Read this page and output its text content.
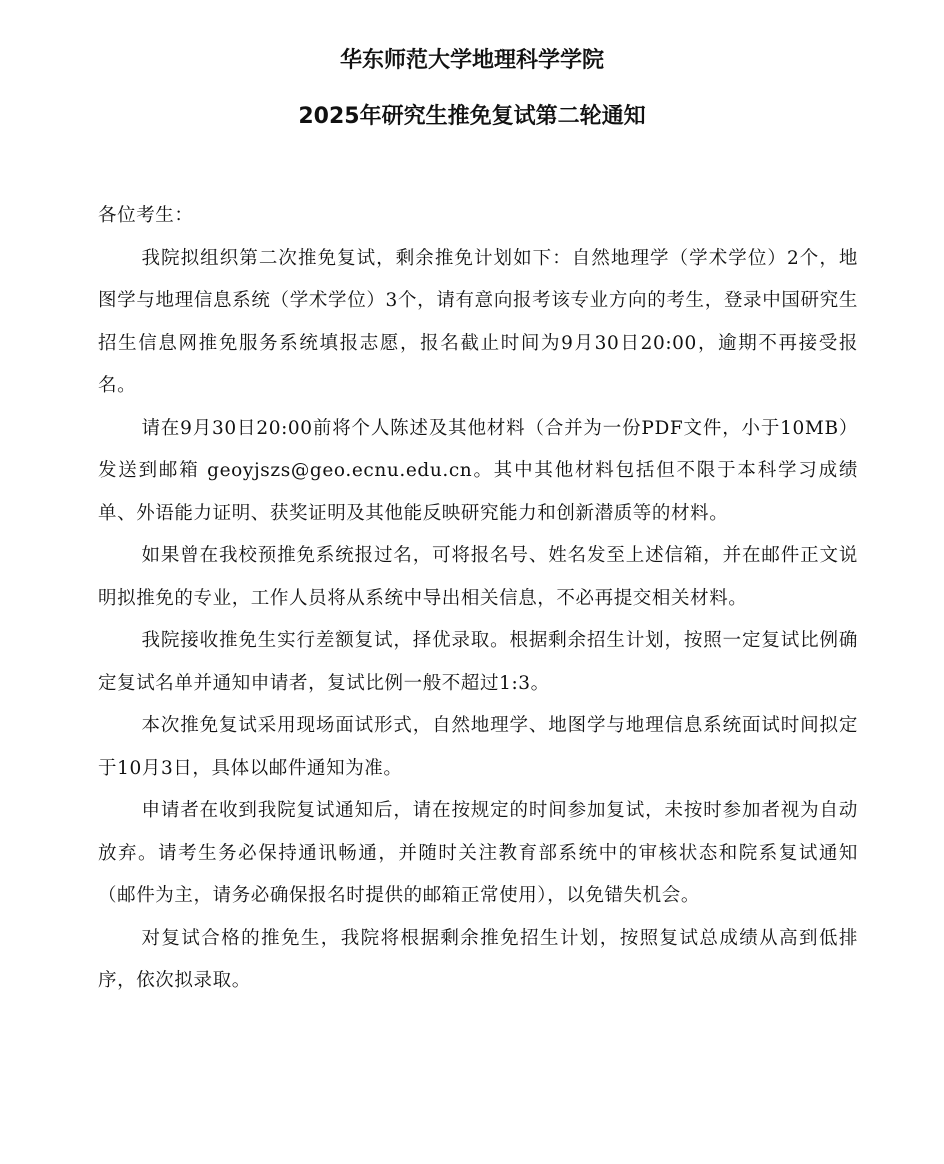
华东师范大学地理科学学院
2025年研究生推免复试第二轮通知

各位考生：

我院拟组织第二次推免复试，剩余推免计划如下：自然地理学（学术学位）2个，地图学与地理信息系统（学术学位）3个，请有意向报考该专业方向的考生，登录中国研究生招生信息网推免服务系统填报志愿，报名截止时间为9月30日20:00，逾期不再接受报名。

请在9月30日20:00前将个人陈述及其他材料（合并为一份PDF文件，小于10MB）发送到邮箱 geoyjszs@geo.ecnu.edu.cn。其中其他材料包括但不限于本科学习成绩单、外语能力证明、获奖证明及其他能反映研究能力和创新潜质等的材料。

如果曾在我校预推免系统报过名，可将报名号、姓名发至上述信箱，并在邮件正文说明拟推免的专业，工作人员将从系统中导出相关信息，不必再提交相关材料。

我院接收推免生实行差额复试，择优录取。根据剩余招生计划，按照一定复试比例确定复试名单并通知申请者，复试比例一般不超过1:3。

本次推免复试采用现场面试形式，自然地理学、地图学与地理信息系统面试时间拟定于10月3日，具体以邮件通知为准。

申请者在收到我院复试通知后，请在按规定的时间参加复试，未按时参加者视为自动放弃。请考生务必保持通讯畅通，并随时关注教育部系统中的审核状态和院系复试通知（邮件为主，请务必确保报名时提供的邮箱正常使用），以免错失机会。

对复试合格的推免生，我院将根据剩余推免招生计划，按照复试总成绩从高到低排序，依次拟录取。
